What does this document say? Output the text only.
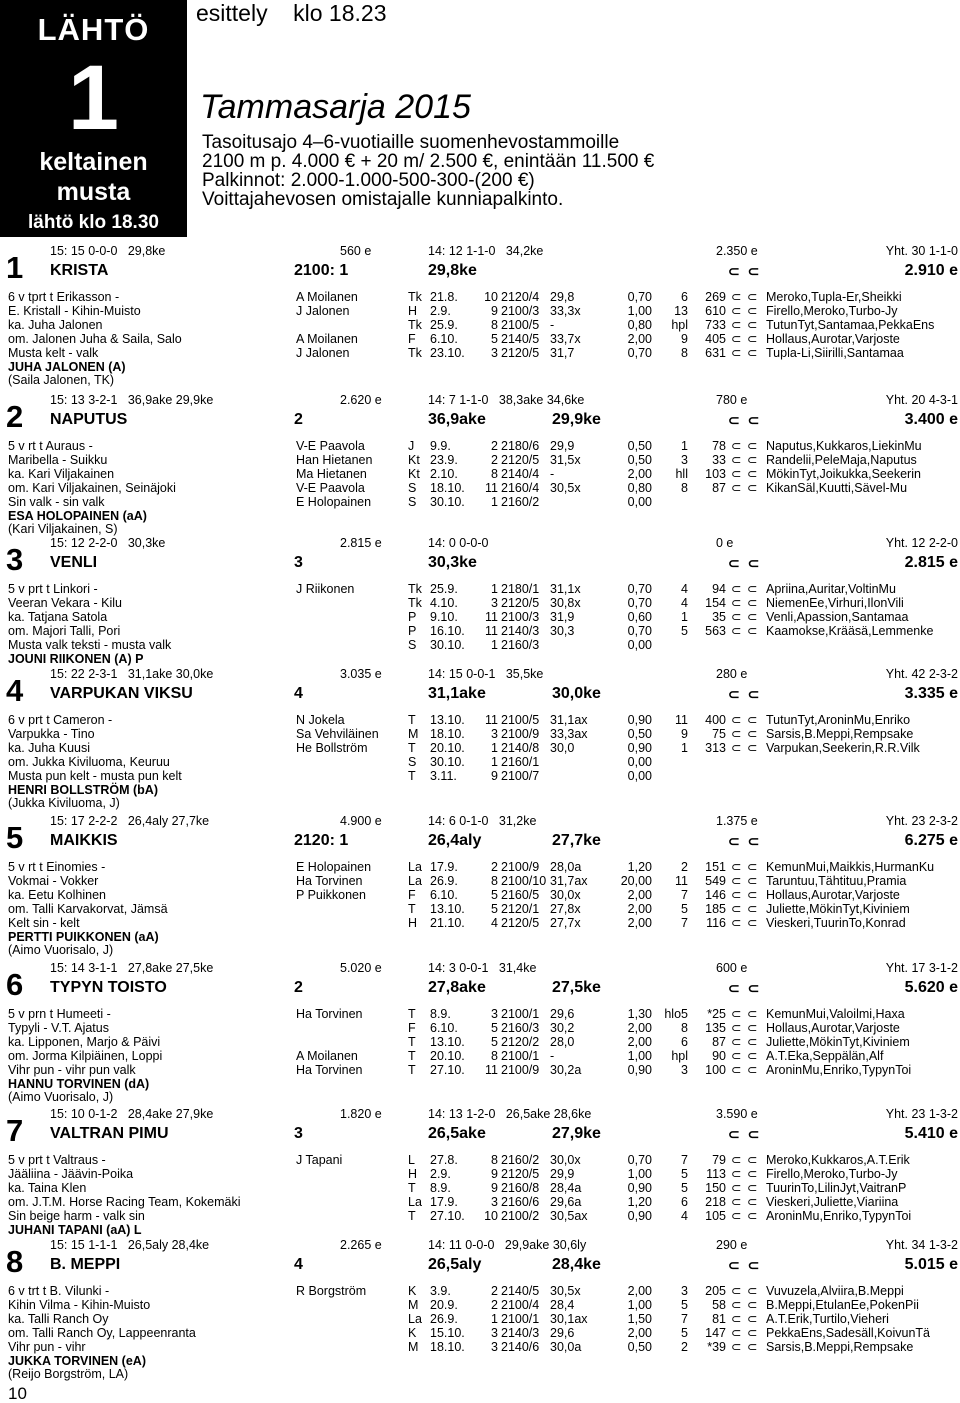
LÄHTÖ
1
keltainen
musta
lähtö klo 18.30
esittely    klo 18.23
Tammasarja 2015
Tasoitusajo 4–6-vuotiaille suomenhevostammoille
2100 m p. 4.000 € + 20 m/ 2.500 €, enintään 11.500 €
Palkinnot: 2.000-1.000-500-300-(200 €)
Voittajahevosen omistajalle kunniapalkinto.
1 15: 15 0-0-0   29,8ke	560 e	14: 12 1-1-0   34,2ke	2.350 e	Yht. 30 1-1-0
KRISTA	2100: 1	29,8ke	⊂ ⊂	2.910 e
6 v tprt t Erikasson -
E. Kristall - Kihin-Muisto
ka. Juha Jalonen
om. Jalonen Juha & Saila, Salo
Musta kelt - valk
JUHA JALONEN (A)
(Saila Jalonen, TK)
A Moilanen	Tk 21.8. 10 2120/4 29,8	0,70	6	269 ⊂ ⊂ Meroko,Tupla-Er,Sheikki
J Jalonen	H 2.9.	9 2100/3 33,3x	1,00	13	610 ⊂ ⊂ Firello,Meroko,Turbo-Jy
Tk 25.9.	8 2100/5 -	0,80	hpl	733 ⊂ ⊂ TutunTyt,Santamaa,PekkaEns
A Moilanen	F 6.10.	5 2140/5 33,7x	2,00	9	405 ⊂ ⊂ Hollaus,Aurotar,Varjoste
J Jalonen	Tk 23.10.	3 2120/5 31,7	0,70	8	631 ⊂ ⊂ Tupla-Li,Siirilli,Santamaa
2 15: 13 3-2-1   36,9ake 29,9ke	2.620 e	14: 7 1-1-0   38,3ake 34,6ke	780 e	Yht. 20 4-3-1
NAPUTUS	2	36,9ake	29,9ke	⊂ ⊂	3.400 e
5 v rt t Auraus -
Maribella - Suikku
ka. Kari Viljakainen
om. Kari Viljakainen, Seinäjoki
Sin valk - sin valk
ESA HOLOPAINEN (aA)
(Kari Viljakainen, S)
V-E Paavola	J 9.9.	2 2180/6 29,9	0,50	1	78 ⊂ ⊂ Naputus,Kukkaros,LiekinMu
Han Hietanen	Kt 23.9.	2 2120/5 31,5x	0,50	3	33 ⊂ ⊂ Randelii,PeleMaja,Naputus
Ma Hietanen	Kt 2.10.	8 2140/4 -	2,00	hll	103 ⊂ ⊂ MökinTyt,Joikukka,Seekerin
V-E Paavola	S 18.10. 11 2160/4 30,5x	0,80	8	87 ⊂ ⊂ KikanSäl,Kuutti,Sävel-Mu
E Holopainen	S 30.10.	1 2160/2	0,00
3 15: 12 2-2-0   30,3ke	2.815 e	14: 0 0-0-0	0 e	Yht. 12 2-2-0
VENLI	3	30,3ke	⊂ ⊂	2.815 e
5 v prt t Linkori -
Veeran Vekara - Kilu
ka. Tatjana Satola
om. Majori Talli, Pori
Musta valk teksti - musta valk
JOUNI RIIKONEN (A) P
J Riikonen	Tk 25.9.	1 2180/1 31,1x	0,70	4	94 ⊂ ⊂ Apriina,Auritar,VoltinMu
Tk 4.10.	3 2120/5 30,8x	0,70	4	154 ⊂ ⊂ NiemenEe,Virhuri,IlonVili
P 9.10. 11 2100/3 31,9	0,60	1	35 ⊂ ⊂ Venli,Apassion,Santamaa
P 16.10. 11 2140/3 30,3	0,70	5	563 ⊂ ⊂ Kaamokse,Krääsä,Lemmenke
S 30.10.	1 2160/3	0,00
4 15: 22 2-3-1   31,1ake 30,0ke	3.035 e	14: 15 0-0-1   35,5ke	280 e	Yht. 42 2-3-2
VARPUKAN VIKSU	4	31,1ake	30,0ke	⊂ ⊂	3.335 e
6 v prt t Cameron -
Varpukka - Tino
ka. Juha Kuusi
om. Jukka Kiviluoma, Keuruu
Musta pun kelt - musta pun kelt
HENRI BOLLSTRÖM (bA)
(Jukka Kiviluoma, J)
N Jokela	T 13.10. 11 2100/5 31,1ax	0,90	11	400 ⊂ ⊂ TutunTyt,AroninMu,Enriko
Sa Vehviläinen M 18.10.	3 2100/9 33,3ax	0,50	9	75 ⊂ ⊂ Sarsis,B.Meppi,Rempsake
He Bollström	T 20.10.	1 2140/8 30,0	0,90	1	313 ⊂ ⊂ Varpukan,Seekerin,R.R.Vilk
S 30.10.	1 2160/1	0,00
T 3.11.	9 2100/7	0,00
5 15: 17 2-2-2   26,4aly 27,7ke	4.900 e	14: 6 0-1-0   31,2ke	1.375 e	Yht. 23 2-3-2
MAIKKIS	2120: 1	26,4aly	27,7ke	⊂ ⊂	6.275 e
5 v rt t Einomies -
Vokmai - Vokker
ka. Eetu Kolhinen
om. Talli Karvakorvat, Jämsä
Kelt sin - kelt
PERTTI PUIKKONEN (aA)
(Aimo Vuorisalo, J)
E Holopainen	La 17.9.	2 2100/9 28,0a	1,20	2	151 ⊂ ⊂ KemunMui,Maikkis,HurmanKu
Ha Torvinen	La 26.9.	8 2100/10 31,7ax	20,00	11	549 ⊂ ⊂ Taruntuu,Tähtituu,Pramia
P Puikkonen	F 6.10.	5 2160/5 30,0x	2,00	7	146 ⊂ ⊂ Hollaus,Aurotar,Varjoste
T 13.10.	5 2120/1 27,8x	2,00	5	185 ⊂ ⊂ Juliette,MökinTyt,Kiviniem
H 21.10.	4 2120/5 27,7x	2,00	7	116 ⊂ ⊂ Vieskeri,TuurinTo,Konrad
6 15: 14 3-1-1   27,8ake 27,5ke	5.020 e	14: 3 0-0-1   31,4ke	600 e	Yht. 17 3-1-2
TYPYN TOISTO	2	27,8ake	27,5ke	⊂ ⊂	5.620 e
5 v prn t Humeeti -
Typyli - V.T. Ajatus
ka. Lipponen, Marjo & Päivi
om. Jorma Kilpiäinen, Loppi
Vihr pun - vihr pun valk
HANNU TORVINEN (dA)
(Aimo Vuorisalo, J)
Ha Torvinen	T 8.9.	3 2100/1 29,6	1,30 hlo5	*25 ⊂ ⊂ KemunMui,Valoilmi,Haxa
F 6.10.	5 2160/3 30,2	2,00	8	135 ⊂ ⊂ Hollaus,Aurotar,Varjoste
T 13.10.	5 2120/2 28,0	2,00	6	87 ⊂ ⊂ Juliette,MökinTyt,Kiviniem
A Moilanen	T 20.10.	8 2100/1 -	1,00	hpl	90 ⊂ ⊂ A.T.Eka,Seppälän,Alf
Ha Torvinen	T 27.10. 11 2100/9 30,2a	0,90	3	100 ⊂ ⊂ AroninMu,Enriko,TypynToi
7 15: 10 0-1-2   28,4ake 27,9ke	1.820 e	14: 13 1-2-0   26,5ake 28,6ke	3.590 e	Yht. 23 1-3-2
VALTRAN PIMU	3	26,5ake	27,9ke	⊂ ⊂	5.410 e
5 v prt t Valtraus -
Jääliina - Jäävin-Poika
ka. Taina Klen
om. J.T.M. Horse Racing Team, Kokemäki
Sin beige harm - valk sin
JUHANI TAPANI (aA) L
J Tapani	L 27.8.	8 2160/2 30,0x	0,70	7	79 ⊂ ⊂ Meroko,Kukkaros,A.T.Erik
H 2.9.	9 2120/5 29,9	1,00	5	113 ⊂ ⊂ Firello,Meroko,Turbo-Jy
T 8.9.	9 2160/8 28,4a	0,90	5	150 ⊂ ⊂ TuurinTo,LilinJyt,VaitranP
La 17.9.	3 2160/6 29,6a	1,20	6	218 ⊂ ⊂ Vieskeri,Juliette,Viariina
T 27.10. 10 2100/2 30,5ax	0,90	4	105 ⊂ ⊂ AroninMu,Enriko,TypynToi
8 15: 15 1-1-1   26,5aly 28,4ke	2.265 e	14: 11 0-0-0   29,9ake 30,6ly	290 e	Yht. 34 1-3-2
B. MEPPI	4	26,5aly	28,4ke	⊂ ⊂	5.015 e
6 v trt t B. Vilunki -
Kihin Vilma - Kihin-Muisto
ka. Talli Ranch Oy
om. Talli Ranch Oy, Lappeenranta
Vihr pun - vihr
JUKKA TORVINEN (eA)
(Reijo Borgström, LA)
R Borgström	K 3.9.	2 2140/5 30,5x	2,00	3	205 ⊂ ⊂ Vuvuzela,Alviira,B.Meppi
M 20.9.	2 2100/4 28,4	1,00	5	58 ⊂ ⊂ B.Meppi,EtulanEe,PokenPii
La 26.9.	1 2100/1 30,1ax	1,50	7	81 ⊂ ⊂ A.T.Erik,Turtilo,Vieheri
K 15.10.	3 2140/3 29,6	2,00	5	147 ⊂ ⊂ PekkaEns,Sadesäll,KoivunTä
M 18.10.	3 2140/6 30,0a	0,50	2	*39 ⊂ ⊂ Sarsis,B.Meppi,Rempsake
10
